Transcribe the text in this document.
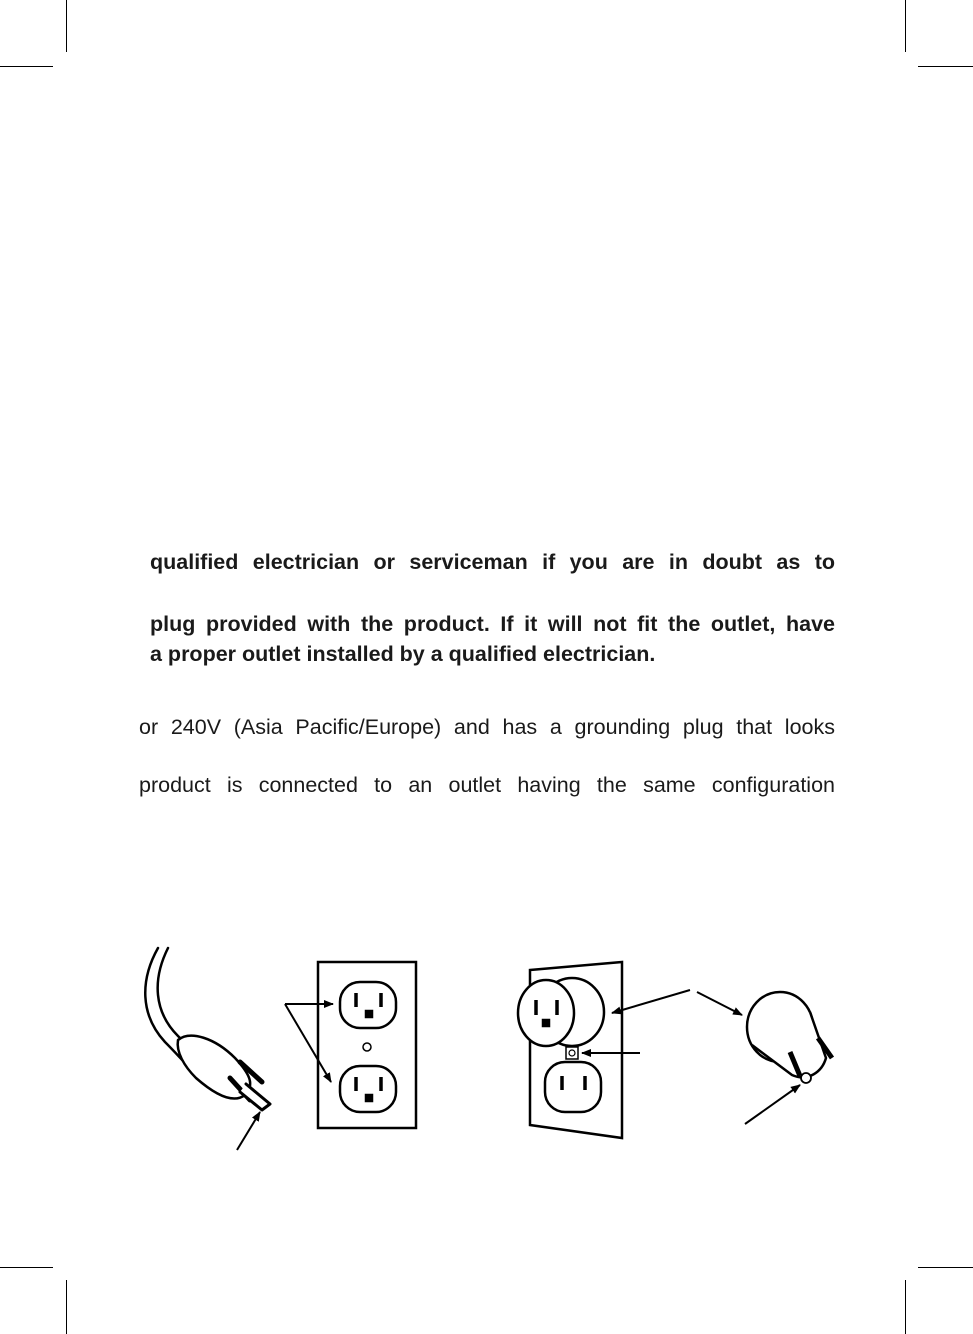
qualified electrician or serviceman if you are in doubt as to
plug provided with the product. If it will not fit the outlet, have
a proper outlet installed by a qualified electrician.
or 240V (Asia Pacific/Europe) and has a grounding plug that looks
product is connected to an outlet having the same configuration
